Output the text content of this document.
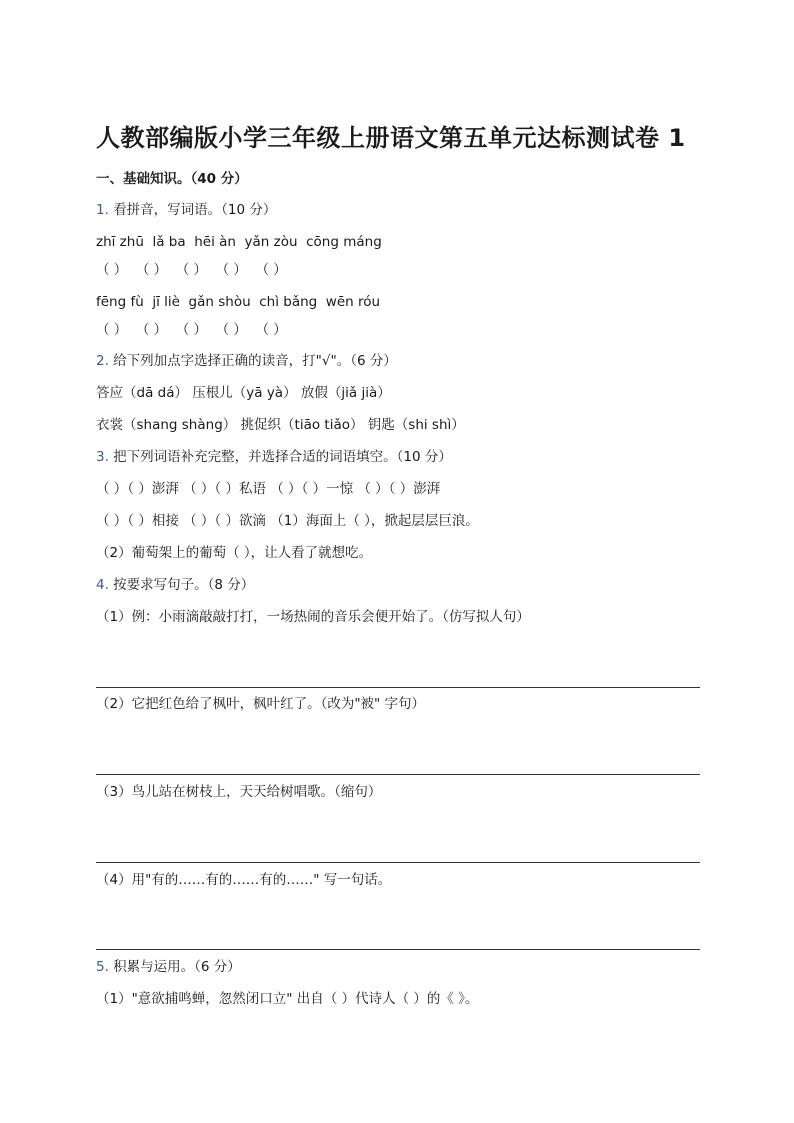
人教部编版小学三年级上册语文第五单元达标测试卷 1
一、基础知识。（40 分）
1. 看拼音，写词语。（10 分）
zhī zhū  lǎ ba  hēi àn  yǎn zòu  cōng máng
（ ）  （ ）  （ ）  （ ）  （ ）
fēng fù  jī liè  gǎn shòu  chì bǎng  wēn róu
（ ）  （ ）  （ ）  （ ）  （ ）
2. 给下列加点字选择正确的读音，打"√"。（6 分）
答应（dā dá） 压根儿（yā yà） 放假（jiǎ jià）
衣裳（shang shàng） 挑促织（tiāo tiǎo） 钥匙（shi shì）
3. 把下列词语补充完整，并选择合适的词语填空。（10 分）
（ ）（ ）澎湃 （ ）（ ）私语 （ ）（ ）一惊 （ ）（ ）澎湃
（ ）（ ）相接 （ ）（ ）欲滴 （1）海面上（ ），掀起层层巨浪。
（2）葡萄架上的葡萄（ ），让人看了就想吃。
4. 按要求写句子。（8 分）
（1）例：小雨滴敲敲打打，一场热闹的音乐会便开始了。（仿写拟人句）
（2）它把红色给了枫叶，枫叶红了。（改为"被" 字句）
（3）鸟儿站在树枝上，天天给树唱歌。（缩句）
（4）用"有的……有的……有的……" 写一句话。
5. 积累与运用。（6 分）
（1）"意欲捕鸣蝉，忽然闭口立" 出自（ ）代诗人（ ）的《 》。
